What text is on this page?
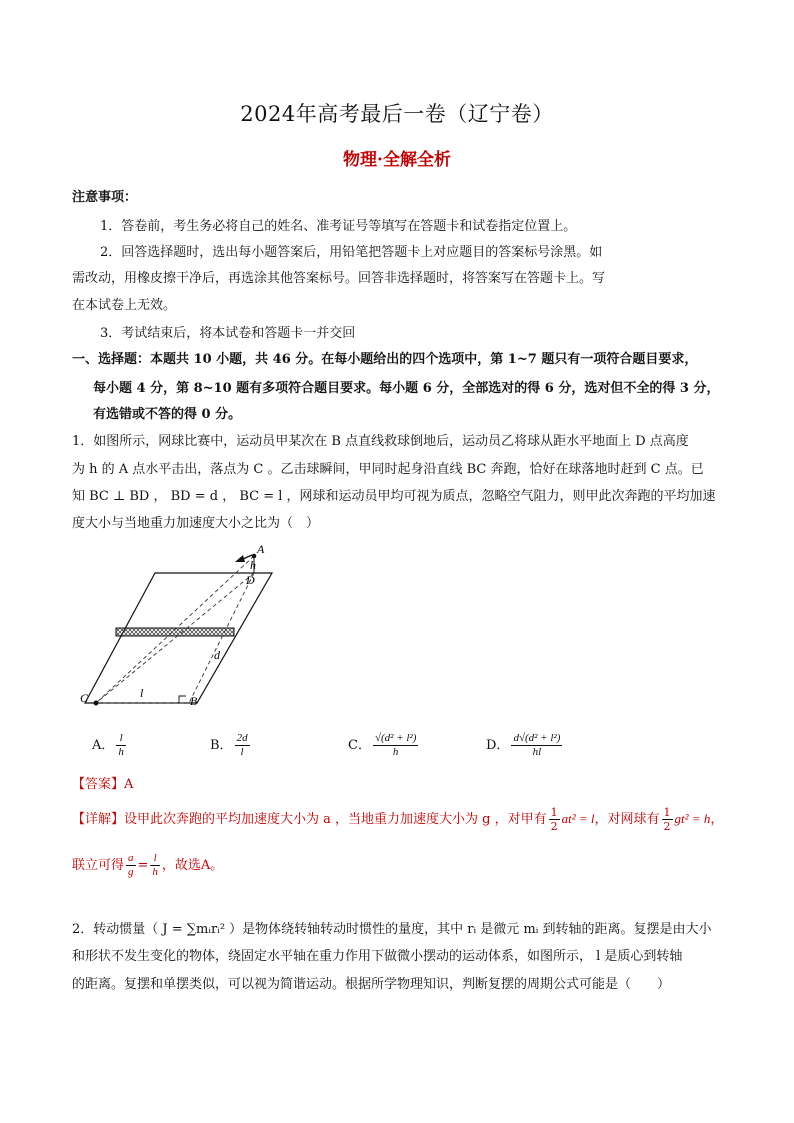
2024年高考最后一卷（辽宁卷）
物理·全解全析
注意事项：
1．答卷前，考生务必将自己的姓名、准考证号等填写在答题卡和试卷指定位置上。
2．回答选择题时，选出每小题答案后，用铅笔把答题卡上对应题目的答案标号涂黑。如
需改动，用橡皮擦干净后，再选涂其他答案标号。回答非选择题时，将答案写在答题卡上。写
在本试卷上无效。
3．考试结束后，将本试卷和答题卡一并交回
一、选择题：本题共 10 小题，共 46 分。在每小题给出的四个选项中，第 1~7 题只有一项符合题目要求，
每小题 4 分，第 8~10 题有多项符合题目要求。每小题 6 分，全部选对的得 6 分，选对但不全的得 3 分，
有选错或不答的得 0 分。
1．如图所示，网球比赛中，运动员甲某次在 B 点直线救球倒地后，运动员乙将球从距水平地面上 D 点高度
为 h 的 A 点水平击出，落点为 C 。乙击球瞬间，甲同时起身沿直线 BC 奔跑，恰好在球落地时赶到 C 点。已
知 BC ⊥ BD ， BD = d ， BC = l ，网球和运动员甲均可视为质点，忽略空气阻力，则甲此次奔跑的平均加速
度大小与当地重力加速度大小之比为（　）
A
h
D
d
C	l
B
A． $\frac{l}{h}$	B． $\frac{2d}{l}$	C． $\frac{\text{√(d² + l²)}}{h}$	D． $\frac{\text{d√(d² + l²)}}{hl}$
【答案】A
【详解】设甲此次奔跑的平均加速度大小为 a ，当地重力加速度大小为 g ，对甲有 $\frac{1}{2} at^2 = l$，对网球有 $\frac{1}{2} gt^2 = h$，
联立可得 $\frac{a}{g} = \frac{l}{h}$ ，故选A。
2．转动惯量（ J = ∑mᵢrᵢ² ）是物体绕转轴转动时惯性的量度，其中 rᵢ 是微元 mᵢ 到转轴的距离。复摆是由大小
和形状不发生变化的物体，绕固定水平轴在重力作用下做微小摆动的运动体系，如图所示， l 是质心到转轴
的距离。复摆和单摆类似，可以视为简谐运动。根据所学物理知识，判断复摆的周期公式可能是（　　）
